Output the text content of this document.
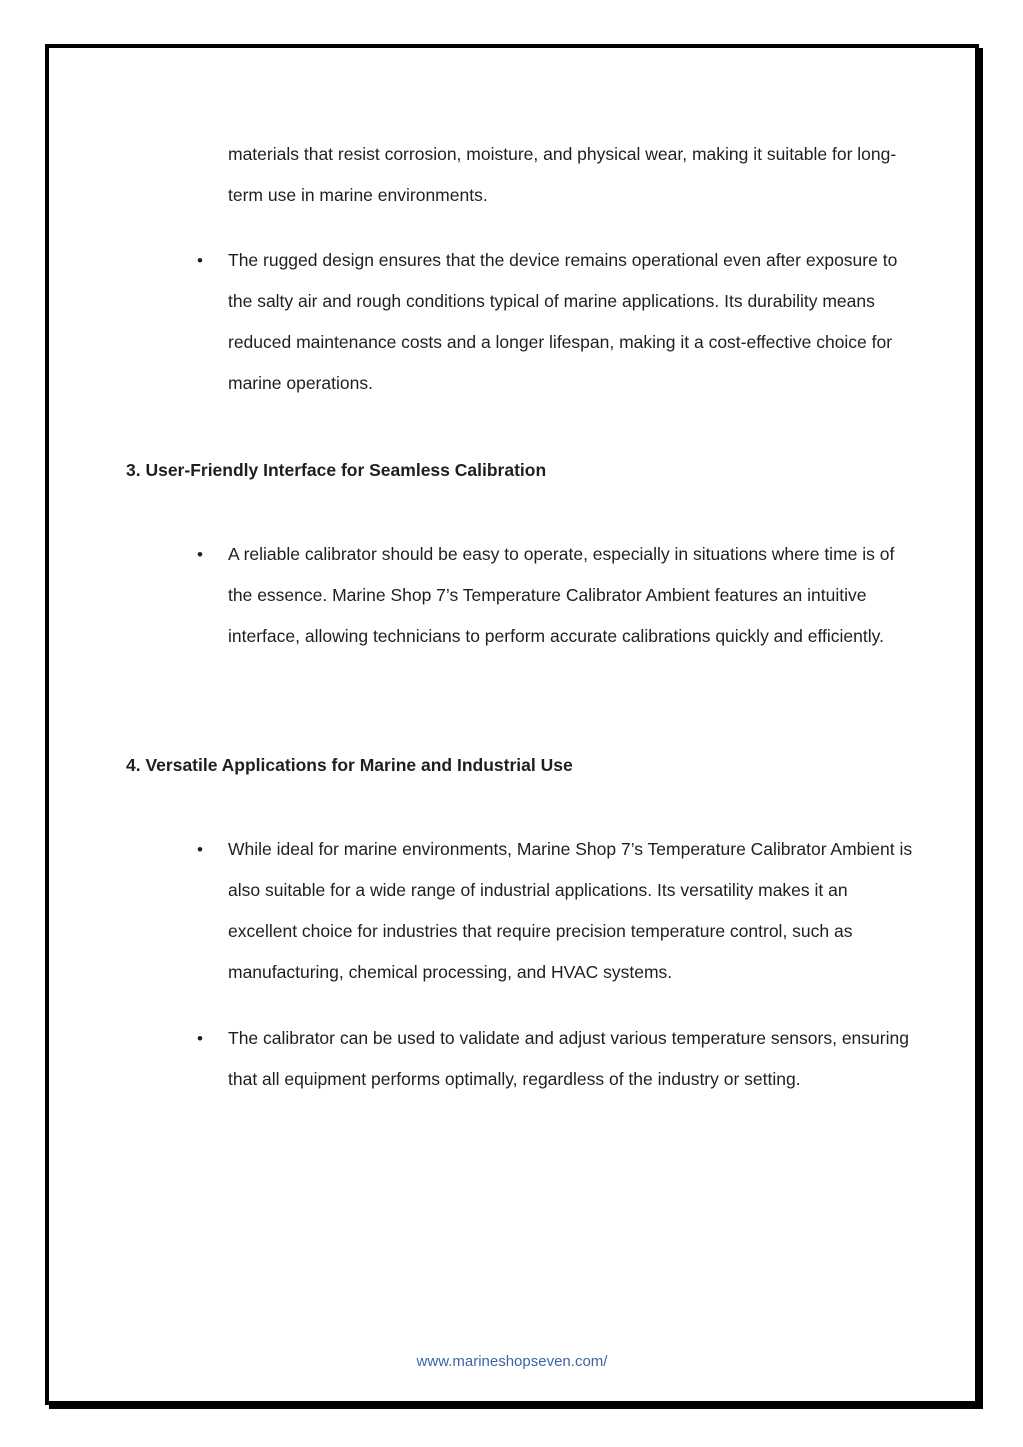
materials that resist corrosion, moisture, and physical wear, making it suitable for long-term use in marine environments.

• The rugged design ensures that the device remains operational even after exposure to the salty air and rough conditions typical of marine applications. Its durability means reduced maintenance costs and a longer lifespan, making it a cost-effective choice for marine operations.
3. User-Friendly Interface for Seamless Calibration
• A reliable calibrator should be easy to operate, especially in situations where time is of the essence. Marine Shop 7’s Temperature Calibrator Ambient features an intuitive interface, allowing technicians to perform accurate calibrations quickly and efficiently.
4. Versatile Applications for Marine and Industrial Use
• While ideal for marine environments, Marine Shop 7’s Temperature Calibrator Ambient is also suitable for a wide range of industrial applications. Its versatility makes it an excellent choice for industries that require precision temperature control, such as manufacturing, chemical processing, and HVAC systems.
• The calibrator can be used to validate and adjust various temperature sensors, ensuring that all equipment performs optimally, regardless of the industry or setting.
www.marineshopseven.com/
